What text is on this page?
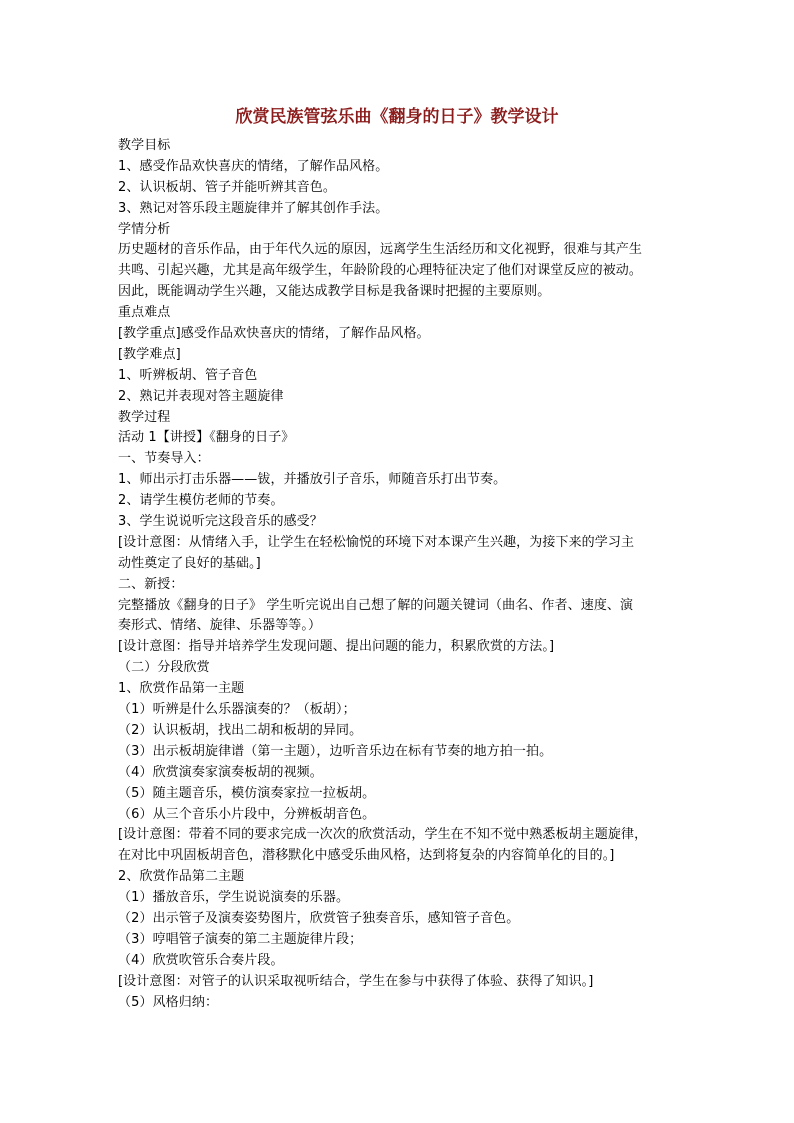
欣赏民族管弦乐曲《翻身的日子》教学设计
教学目标
1、感受作品欢快喜庆的情绪，了解作品风格。
2、认识板胡、管子并能听辨其音色。
3、熟记对答乐段主题旋律并了解其创作手法。
学情分析
历史题材的音乐作品，由于年代久远的原因，远离学生生活经历和文化视野，很难与其产生
共鸣、引起兴趣，尤其是高年级学生，年龄阶段的心理特征决定了他们对课堂反应的被动。
因此，既能调动学生兴趣，又能达成教学目标是我备课时把握的主要原则。
重点难点
[教学重点]感受作品欢快喜庆的情绪，了解作品风格。
[教学难点]
1、听辨板胡、管子音色
2、熟记并表现对答主题旋律
教学过程
活动 1【讲授】《翻身的日子》
一、节奏导入：
1、师出示打击乐器——钹，并播放引子音乐，师随音乐打出节奏。
2、请学生模仿老师的节奏。
3、学生说说听完这段音乐的感受？
[设计意图：从情绪入手，让学生在轻松愉悦的环境下对本课产生兴趣，为接下来的学习主
动性奠定了良好的基础。]
二、新授：
完整播放《翻身的日子》 学生听完说出自己想了解的问题关键词（曲名、作者、速度、演
奏形式、情绪、旋律、乐器等等。）
[设计意图：指导并培养学生发现问题、提出问题的能力，积累欣赏的方法。]
（二）分段欣赏
1、欣赏作品第一主题
（1）听辨是什么乐器演奏的？（板胡）；
（2）认识板胡，找出二胡和板胡的异同。
（3）出示板胡旋律谱（第一主题），边听音乐边在标有节奏的地方拍一拍。
（4）欣赏演奏家演奏板胡的视频。
（5）随主题音乐，模仿演奏家拉一拉板胡。
（6）从三个音乐小片段中，分辨板胡音色。
[设计意图：带着不同的要求完成一次次的欣赏活动，学生在不知不觉中熟悉板胡主题旋律，
在对比中巩固板胡音色，潜移默化中感受乐曲风格，达到将复杂的内容简单化的目的。]
2、欣赏作品第二主题
（1）播放音乐，学生说说演奏的乐器。
（2）出示管子及演奏姿势图片，欣赏管子独奏音乐，感知管子音色。
（3）哼唱管子演奏的第二主题旋律片段；
（4）欣赏吹管乐合奏片段。
[设计意图：对管子的认识采取视听结合，学生在参与中获得了体验、获得了知识。]
（5）风格归纳：
